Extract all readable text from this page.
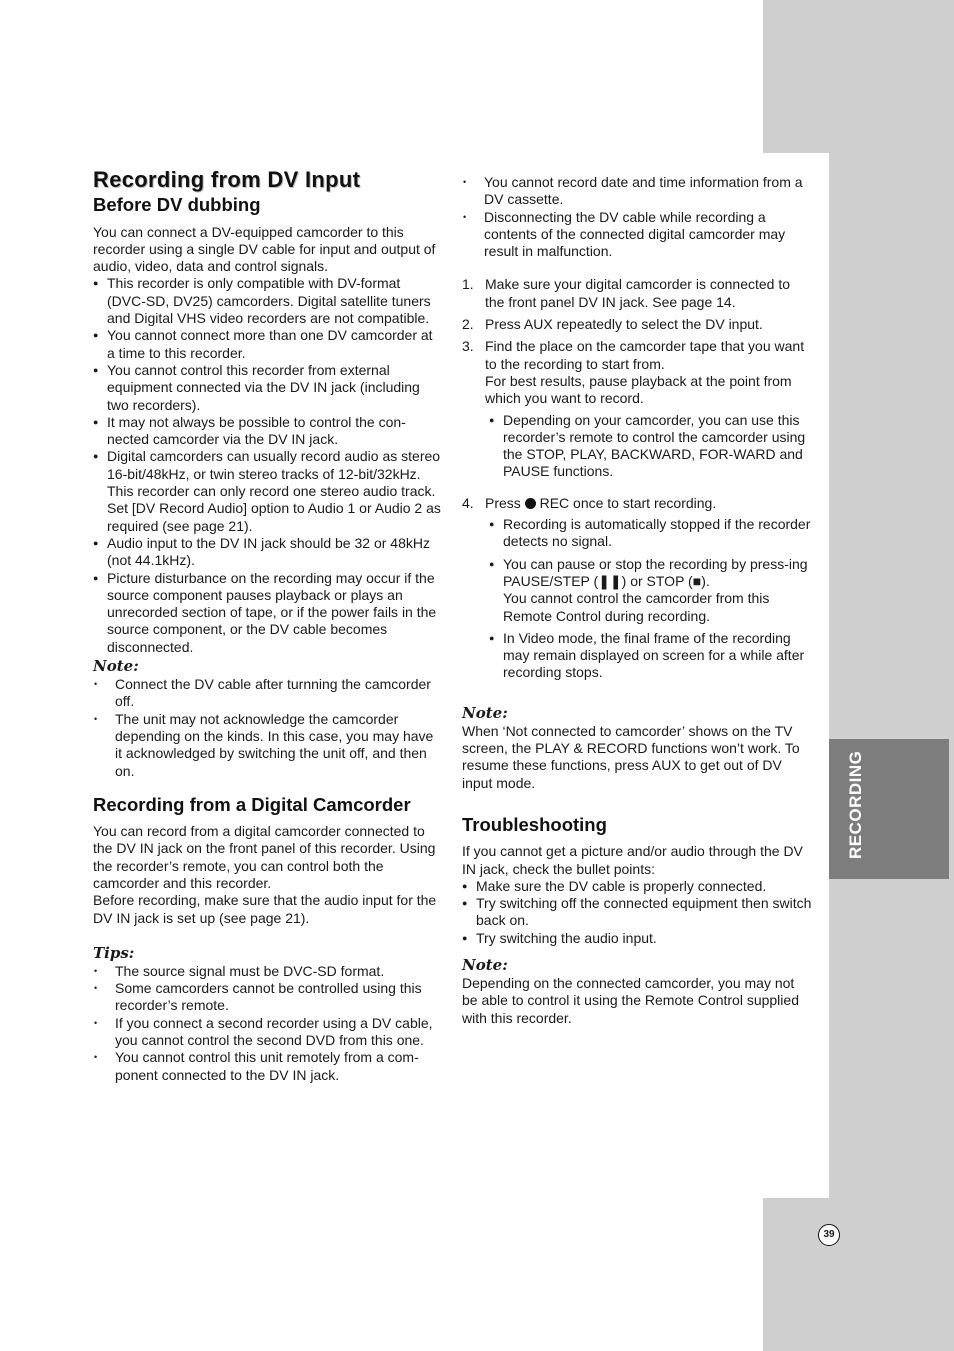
RECORDING
39
Recording from DV Input
Before DV dubbing

You can connect a DV-equipped camcorder to this recorder using a single DV cable for input and output of audio, video, data and control signals.

● This recorder is only compatible with DV-format (DVC-SD, DV25) camcorders. Digital satellite tuners and Digital VHS video recorders are not compatible.
● You cannot connect more than one DV camcorder at a time to this recorder.
● You cannot control this recorder from external equipment connected via the DV IN jack (including two recorders).
● It may not always be possible to control the con-nected camcorder via the DV IN jack.
● Digital camcorders can usually record audio as stereo 16-bit/48kHz, or twin stereo tracks of 12-bit/32kHz. This recorder can only record one stereo audio track. Set [DV Record Audio] option to Audio 1 or Audio 2 as required (see page 21).
● Audio input to the DV IN jack should be 32 or 48kHz (not 44.1kHz).
● Picture disturbance on the recording may occur if the source component pauses playback or plays an unrecorded section of tape, or if the power fails in the source component, or the DV cable becomes disconnected.

Note:

• Connect the DV cable after turnning the camcorder off.
• The unit may not acknowledge the camcorder depending on the kinds. In this case, you may have it acknowledged by switching the unit off, and then on.
Recording from a Digital Camcorder

You can record from a digital camcorder connected to the DV IN jack on the front panel of this recorder. Using the recorder’s remote, you can control both the camcorder and this recorder.

Before recording, make sure that the audio input for the DV IN jack is set up (see page 21).

Tips:

• The source signal must be DVC-SD format.
• Some camcorders cannot be controlled using this recorder’s remote.
• If you connect a second recorder using a DV cable, you cannot control the second DVD from this one.
• You cannot control this unit remotely from a com-ponent connected to the DV IN jack.
• You cannot record date and time information from a DV cassette.
• Disconnecting the DV cable while recording a contents of the connected digital camcorder may result in malfunction.
1. Make sure your digital camcorder is connected to the front panel DV IN jack. See page 14.
2. Press AUX repeatedly to select the DV input.
3. Find the place on the camcorder tape that you want to the recording to start from.
For best results, pause playback at the point from which you want to record.
● Depending on your camcorder, you can use this recorder’s remote to control the camcorder using the STOP, PLAY, BACKWARD, FOR-WARD and PAUSE functions.
4. Press REC once to start recording.
● Recording is automatically stopped if the recorder detects no signal.
● You can pause or stop the recording by press-ing PAUSE/STEP (❚❚) or STOP (■).
You cannot control the camcorder from this Remote Control during recording.
● In Video mode, the final frame of the recording may remain displayed on screen for a while after recording stops.

Note:

When ‘Not connected to camcorder’ shows on the TV screen, the PLAY & RECORD functions won’t work. To resume these functions, press AUX to get out of DV input mode.

Troubleshooting

If you cannot get a picture and/or audio through the DV IN jack, check the bullet points:

● Make sure the DV cable is properly connected.
● Try switching off the connected equipment then switch back on.
● Try switching the audio input.

Note:

Depending on the connected camcorder, you may not be able to control it using the Remote Control supplied with this recorder.
